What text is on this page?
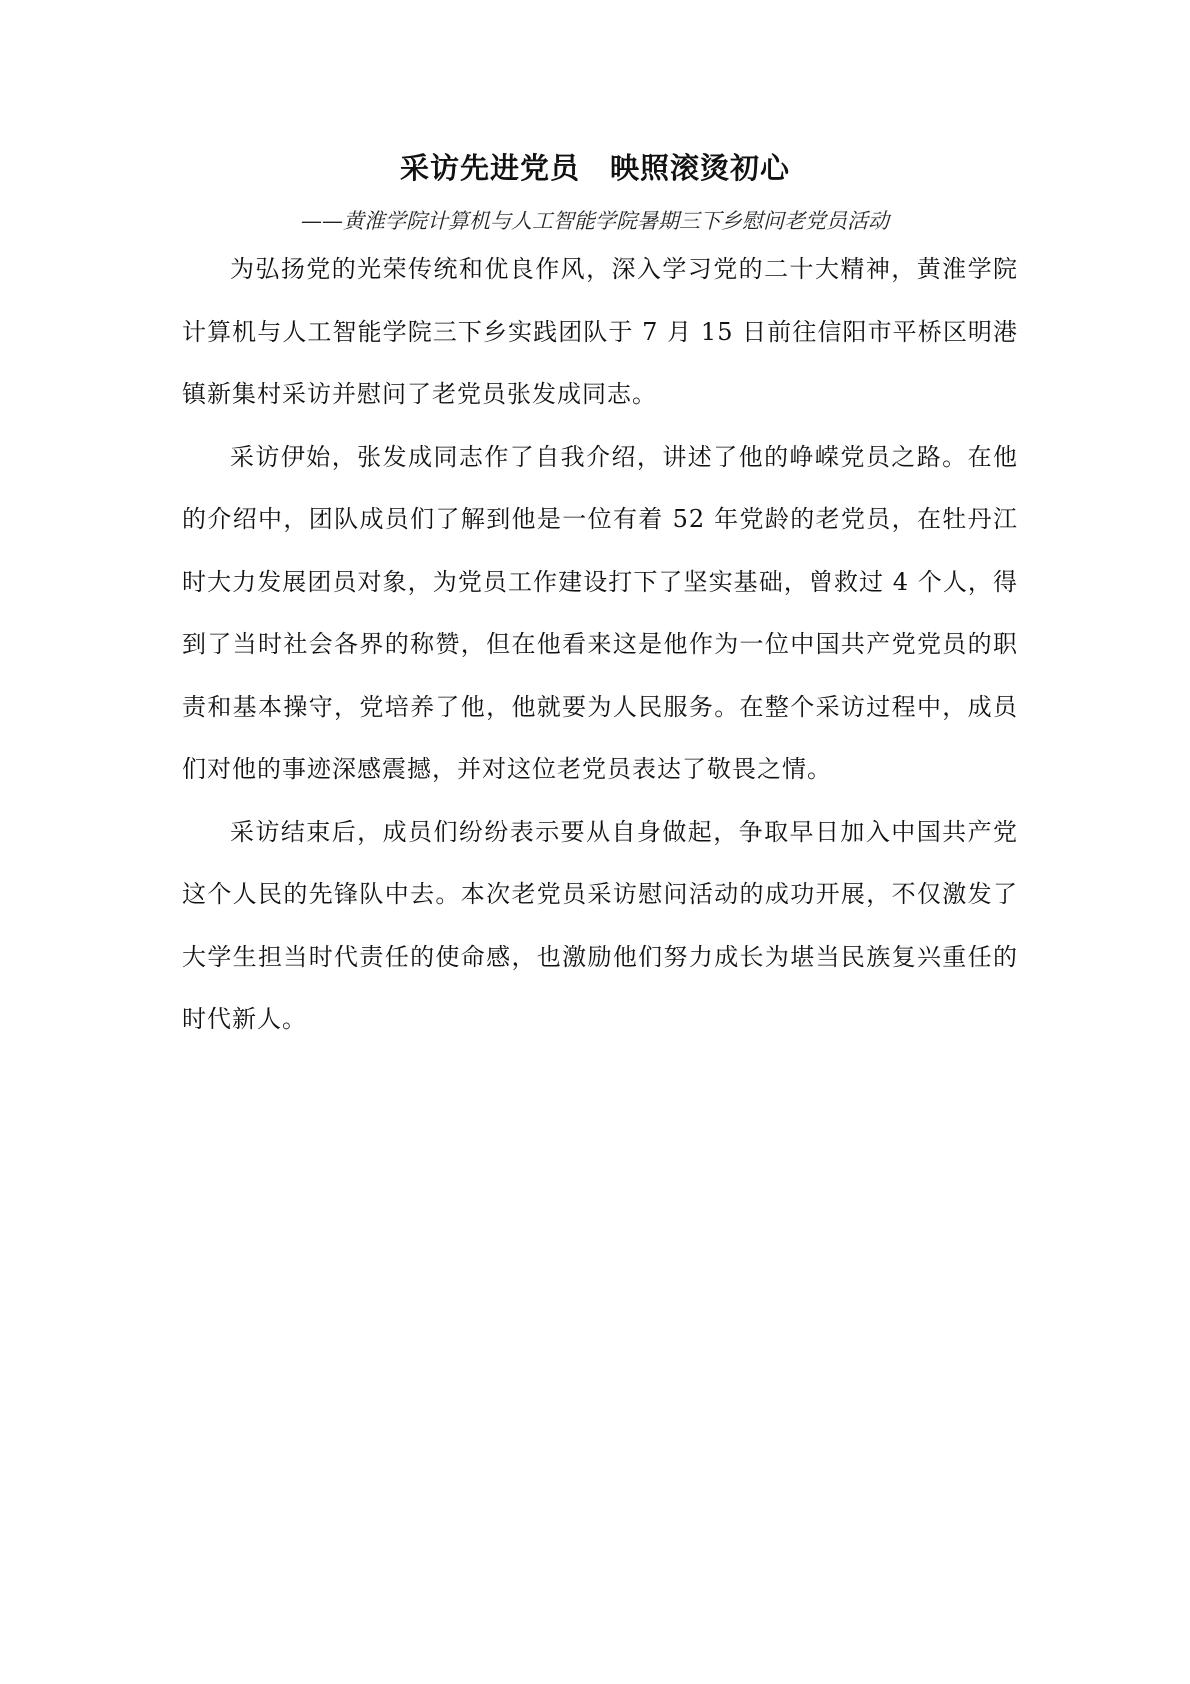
采访先进党员　映照滚烫初心
——黄淮学院计算机与人工智能学院暑期三下乡慰问老党员活动

为弘扬党的光荣传统和优良作风，深入学习党的二十大精神，黄淮学院计算机与人工智能学院三下乡实践团队于 7 月 15 日前往信阳市平桥区明港镇新集村采访并慰问了老党员张发成同志。

采访伊始，张发成同志作了自我介绍，讲述了他的峥嵘党员之路。在他的介绍中，团队成员们了解到他是一位有着 52 年党龄的老党员，在牡丹江时大力发展团员对象，为党员工作建设打下了坚实基础，曾救过 4 个人，得到了当时社会各界的称赞，但在他看来这是他作为一位中国共产党党员的职责和基本操守，党培养了他，他就要为人民服务。在整个采访过程中，成员们对他的事迹深感震撼，并对这位老党员表达了敬畏之情。

采访结束后，成员们纷纷表示要从自身做起，争取早日加入中国共产党这个人民的先锋队中去。本次老党员采访慰问活动的成功开展，不仅激发了大学生担当时代责任的使命感，也激励他们努力成长为堪当民族复兴重任的时代新人。
